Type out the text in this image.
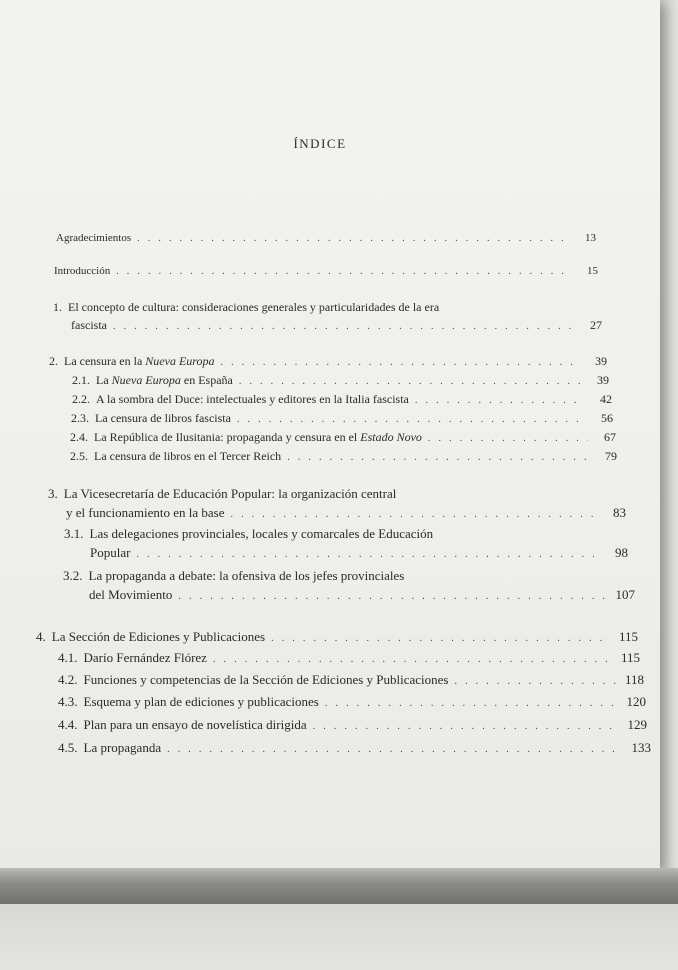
ÍNDICE
Agradecimientos . . .	13
Introducción . . .	15
1. El concepto de cultura: consideraciones generales y particularidades de la era
fascista . . .	27
2. La censura en la Nueva Europa . . .	39
2.1. La Nueva Europa en España . . .	39
2.2. A la sombra del Duce: intelectuales y editores en la Italia fascista . . .	42
2.3. La censura de libros fascista . . .	56
2.4. La República de Ilusitania: propaganda y censura en el Estado Novo . . .	67
2.5. La censura de libros en el Tercer Reich . . .	79
3. La Vicesecretaría de Educación Popular: la organización central
y el funcionamiento en la base . . .	83
3.1. Las delegaciones provinciales, locales y comarcales de Educación
Popular . . .	98
3.2. La propaganda a debate: la ofensiva de los jefes provinciales
del Movimiento . . .	107
4. La Sección de Ediciones y Publicaciones . . .	115
4.1. Darío Fernández Flórez . . .	115
4.2. Funciones y competencias de la Sección de Ediciones y Publicaciones . . .	118
4.3. Esquema y plan de ediciones y publicaciones . . .	120
4.4. Plan para un ensayo de novelística dirigida . . .	129
4.5. La propaganda . . .	133
